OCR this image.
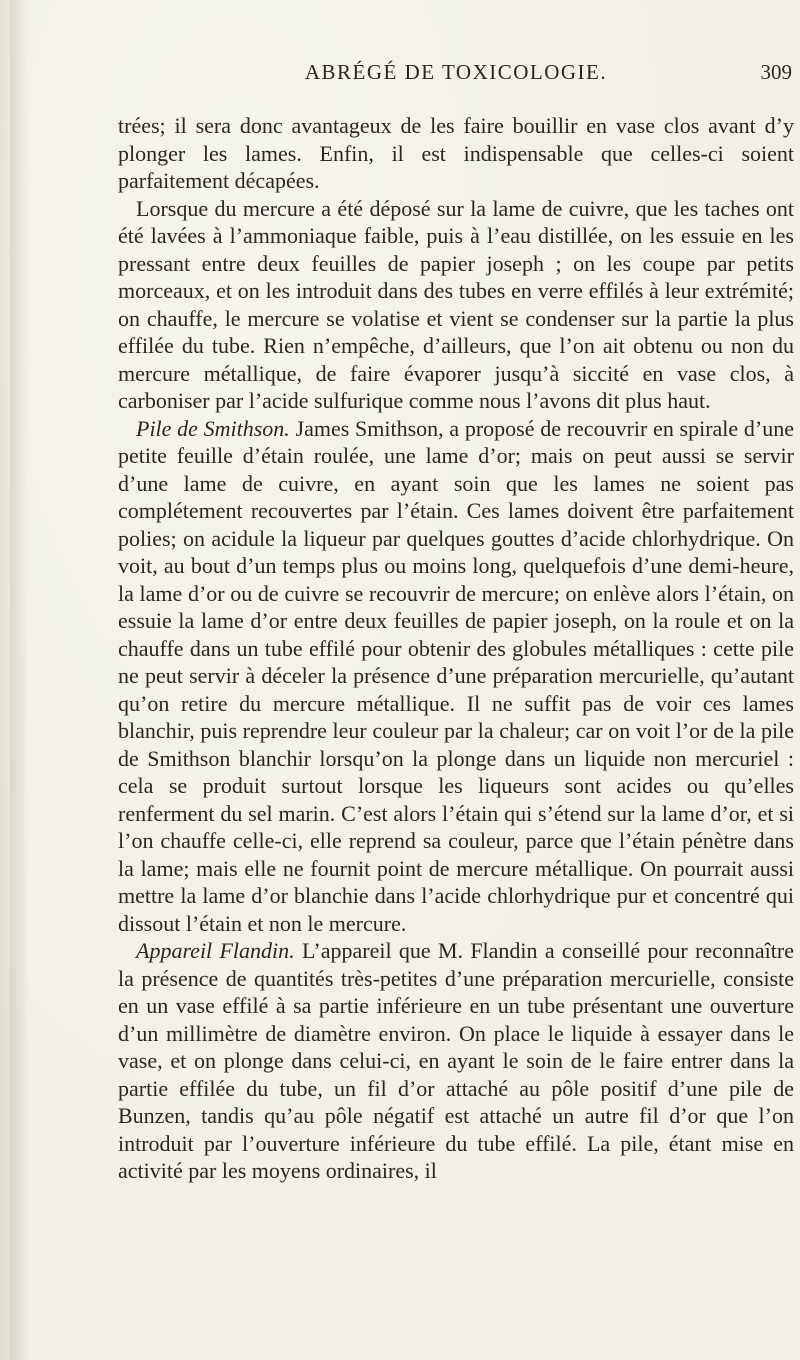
ABRÉGÉ DE TOXICOLOGIE.	309

trées; il sera donc avantageux de les faire bouillir en vase clos avant d’y plonger les lames. Enfin, il est indispensable que celles-ci soient parfaitement décapées.

Lorsque du mercure a été déposé sur la lame de cuivre, que les taches ont été lavées à l’ammoniaque faible, puis à l’eau distillée, on les essuie en les pressant entre deux feuilles de papier joseph ; on les coupe par petits morceaux, et on les introduit dans des tubes en verre effilés à leur extrémité; on chauffe, le mercure se volatise et vient se condenser sur la partie la plus effilée du tube. Rien n’empêche, d’ailleurs, que l’on ait obtenu ou non du mercure métallique, de faire évaporer jusqu’à siccité en vase clos, à carboniser par l’acide sulfurique comme nous l’avons dit plus haut.

Pile de Smithson. James Smithson, a proposé de recouvrir en spirale d’une petite feuille d’étain roulée, une lame d’or; mais on peut aussi se servir d’une lame de cuivre, en ayant soin que les lames ne soient pas complétement recouvertes par l’étain. Ces lames doivent être parfaitement polies; on acidule la liqueur par quelques gouttes d’acide chlorhydrique. On voit, au bout d’un temps plus ou moins long, quelquefois d’une demi-heure, la lame d’or ou de cuivre se recouvrir de mercure; on enlève alors l’étain, on essuie la lame d’or entre deux feuilles de papier joseph, on la roule et on la chauffe dans un tube effilé pour obtenir des globules métalliques : cette pile ne peut servir à déceler la présence d’une préparation mercurielle, qu’autant qu’on retire du mercure métallique. Il ne suffit pas de voir ces lames blanchir, puis reprendre leur couleur par la chaleur; car on voit l’or de la pile de Smithson blanchir lorsqu’on la plonge dans un liquide non mercuriel : cela se produit surtout lorsque les liqueurs sont acides ou qu’elles renferment du sel marin. C’est alors l’étain qui s’étend sur la lame d’or, et si l’on chauffe celle-ci, elle reprend sa couleur, parce que l’étain pénètre dans la lame; mais elle ne fournit point de mercure métallique. On pourrait aussi mettre la lame d’or blanchie dans l’acide chlorhydrique pur et concentré qui dissout l’étain et non le mercure.

Appareil Flandin. L’appareil que M. Flandin a conseillé pour reconnaître la présence de quantités très-petites d’une préparation mercurielle, consiste en un vase effilé à sa partie inférieure en un tube présentant une ouverture d’un millimètre de diamètre environ. On place le liquide à essayer dans le vase, et on plonge dans celui-ci, en ayant le soin de le faire entrer dans la partie effilée du tube, un fil d’or attaché au pôle positif d’une pile de Bunzen, tandis qu’au pôle négatif est attaché un autre fil d’or que l’on introduit par l’ouverture inférieure du tube effilé. La pile, étant mise en activité par les moyens ordinaires, il
